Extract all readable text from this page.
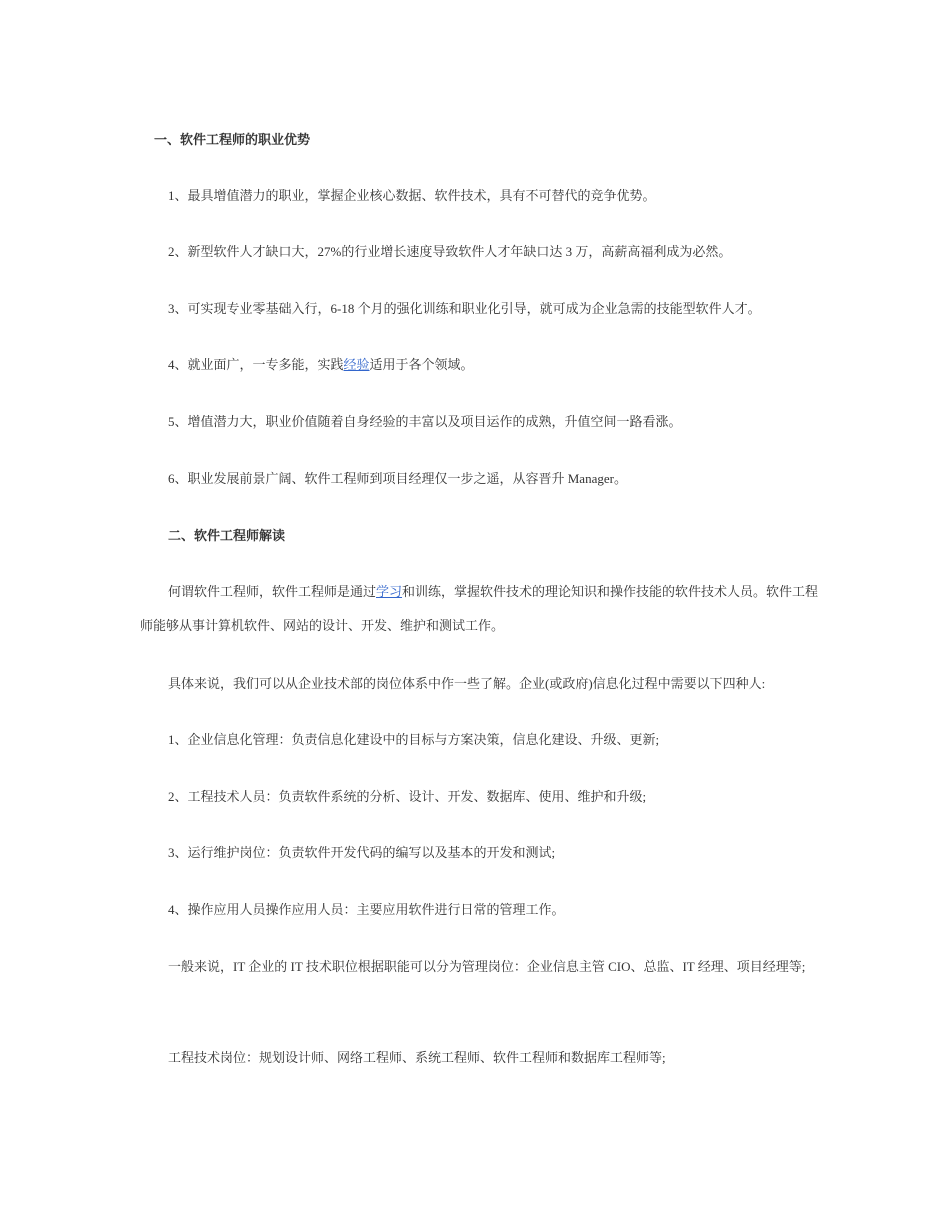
一、软件工程师的职业优势
1、最具增值潜力的职业，掌握企业核心数据、软件技术，具有不可替代的竞争优势。
2、新型软件人才缺口大，27%的行业增长速度导致软件人才年缺口达 3 万，高薪高福利成为必然。
3、可实现专业零基础入行，6-18 个月的强化训练和职业化引导，就可成为企业急需的技能型软件人才。
4、就业面广，一专多能，实践经验适用于各个领域。
5、增值潜力大，职业价值随着自身经验的丰富以及项目运作的成熟，升值空间一路看涨。
6、职业发展前景广阔、软件工程师到项目经理仅一步之遥，从容晋升 Manager。
二、软件工程师解读
何谓软件工程师，软件工程师是通过学习和训练，掌握软件技术的理论知识和操作技能的软件技术人员。软件工程师能够从事计算机软件、网站的设计、开发、维护和测试工作。
具体来说，我们可以从企业技术部的岗位体系中作一些了解。企业(或政府)信息化过程中需要以下四种人:
1、企业信息化管理：负责信息化建设中的目标与方案决策，信息化建设、升级、更新;
2、工程技术人员：负责软件系统的分析、设计、开发、数据库、使用、维护和升级;
3、运行维护岗位：负责软件开发代码的编写以及基本的开发和测试;
4、操作应用人员操作应用人员：主要应用软件进行日常的管理工作。
一般来说，IT 企业的 IT 技术职位根据职能可以分为管理岗位：企业信息主管 CIO、总监、IT 经理、项目经理等;
工程技术岗位：规划设计师、网络工程师、系统工程师、软件工程师和数据库工程师等;
